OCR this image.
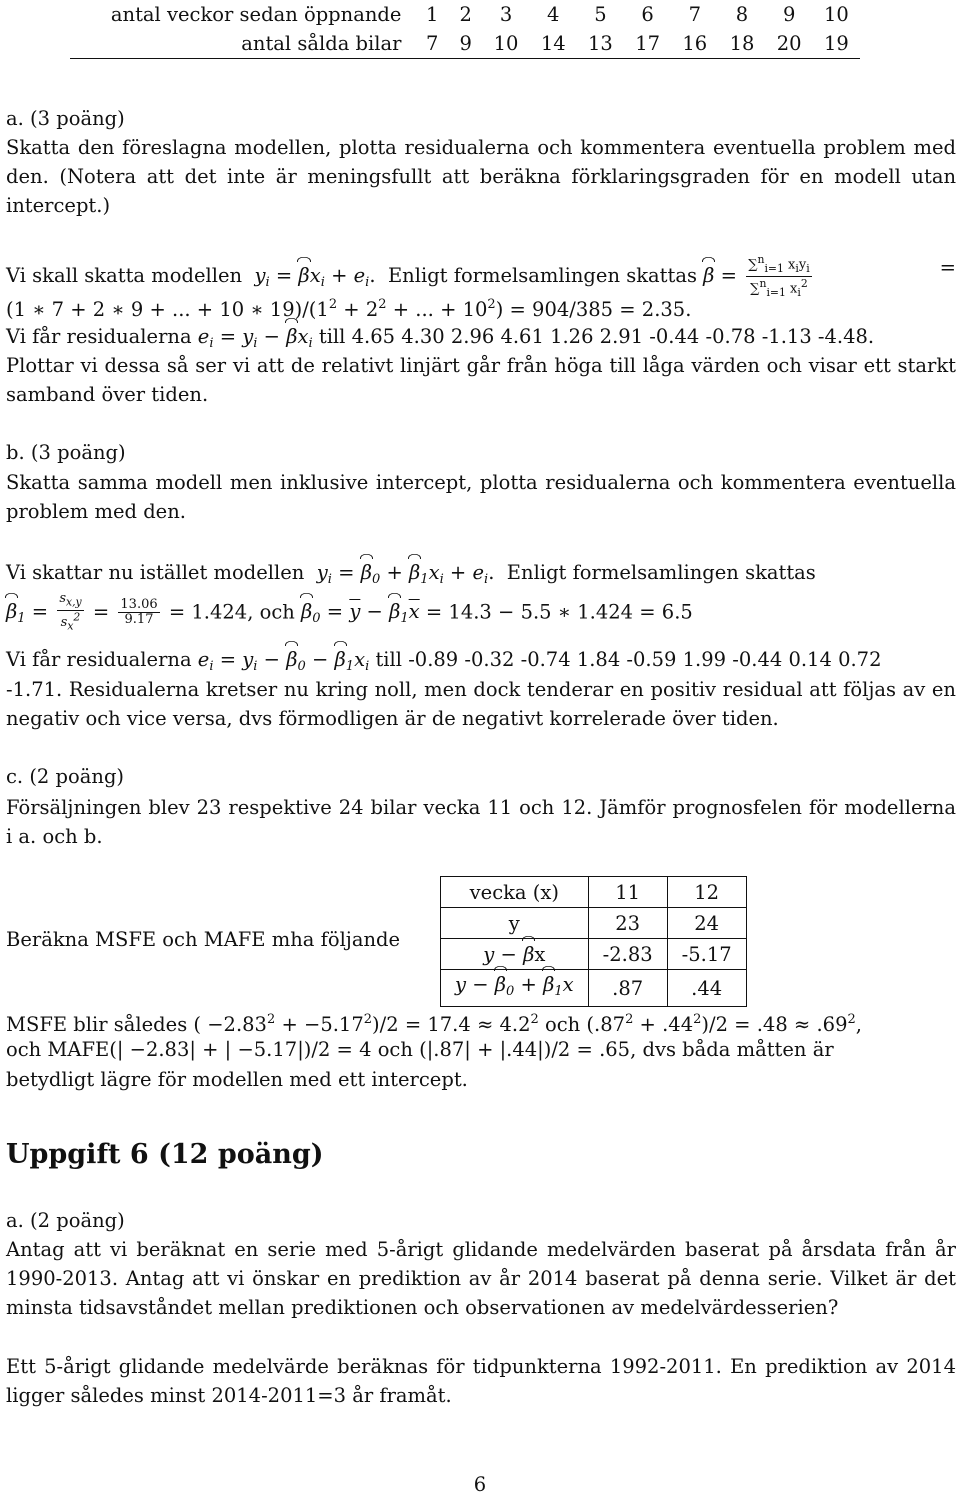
antal veckor sedan öppnande	1	2	3	4	5	6	7	8	9	10
antal sålda bilar	7	9	10	14	13	17	16	18	20	19
a. (3 poäng)
Skatta den föreslagna modellen, plotta residualerna och kommentera eventuella problem med den. (Notera att det inte är meningsfullt att beräkna förklaringsgraden för en modell utan intercept.)
Vi skall skatta modellen  $y_i = \beta x_i + e_i$.  Enligt formelsamlingen skattas $\beta = \frac{\sum^n_{i=1} x_iy_i}{\sum^n_{i=1} x_i^2}$	=
(1 ∗ 7 + 2 ∗ 9 + ... + 10 ∗ $19)/(1^2 + 2^2$ + ... + $10^2) = 904/385 = 2.35$.
Vi får residualerna $e_i = y_i - \beta x_i$ till 4.65 4.30 2.96 4.61 1.26 2.91 -0.44 -0.78 -1.13 -4.48.
Plottar vi dessa så ser vi att de relativt linjärt går från höga till låga värden och visar ett starkt samband över tiden.
b. (3 poäng)
Skatta samma modell men inklusive intercept, plotta residualerna och kommentera eventuella problem med den.
Vi skattar nu istället modellen  $y_i = \beta_0 + \beta_1x_i + e_i$.  Enligt formelsamlingen skattas
$\beta_1 = \frac{s_{x,y}}{s_x^2} = \frac{13.06}{9.17} = 1.424$, och $\beta_0 = \overline{y} - \beta_1\overline{x} = 14.3 - 5.5$ ∗ 1.424 = 6.5
Vi får residualerna $e_i = y_i - \beta_0 - \beta_1x_i$ till -0.89 -0.32 -0.74 1.84 -0.59 1.99 -0.44 0.14 0.72
-1.71. Residualerna kretser nu kring noll, men dock tenderar en positiv residual att följas av en negativ och vice versa, dvs förmodligen är de negativt korrelerade över tiden.
c. (2 poäng)
Försäljningen blev 23 respektive 24 bilar vecka 11 och 12. Jämför prognosfelen för modellerna i a. och b.
Beräkna MSFE och MAFE mha följande
vecka (x)	11	12
y	23	24
y − βx	-2.83	-5.17
$y - \beta_0 + \beta_1x$	.87	.44
MSFE blir således ( $-2.83^2 + -5.17^2)/2 = 17.4 \approx 4.2^2$ och $(.87^2 + .44^2)/2 = .48 \approx .69^2$,
och MAFE(| −2.83| + | −5.17|)/2 = 4 och (|.87| + |.44|)/2 = .65, dvs båda måtten är
betydligt lägre för modellen med ett intercept.
Uppgift 6 (12 poäng)
a. (2 poäng)
Antag att vi beräknat en serie med 5-årigt glidande medelvärden baserat på årsdata från år 1990-2013. Antag att vi önskar en prediktion av år 2014 baserat på denna serie. Vilket är det minsta tidsavståndet mellan prediktionen och observationen av medelvärdesserien?
Ett 5-årigt glidande medelvärde beräknas för tidpunkterna 1992-2011. En prediktion av 2014 ligger således minst 2014-2011=3 år framåt.
6
